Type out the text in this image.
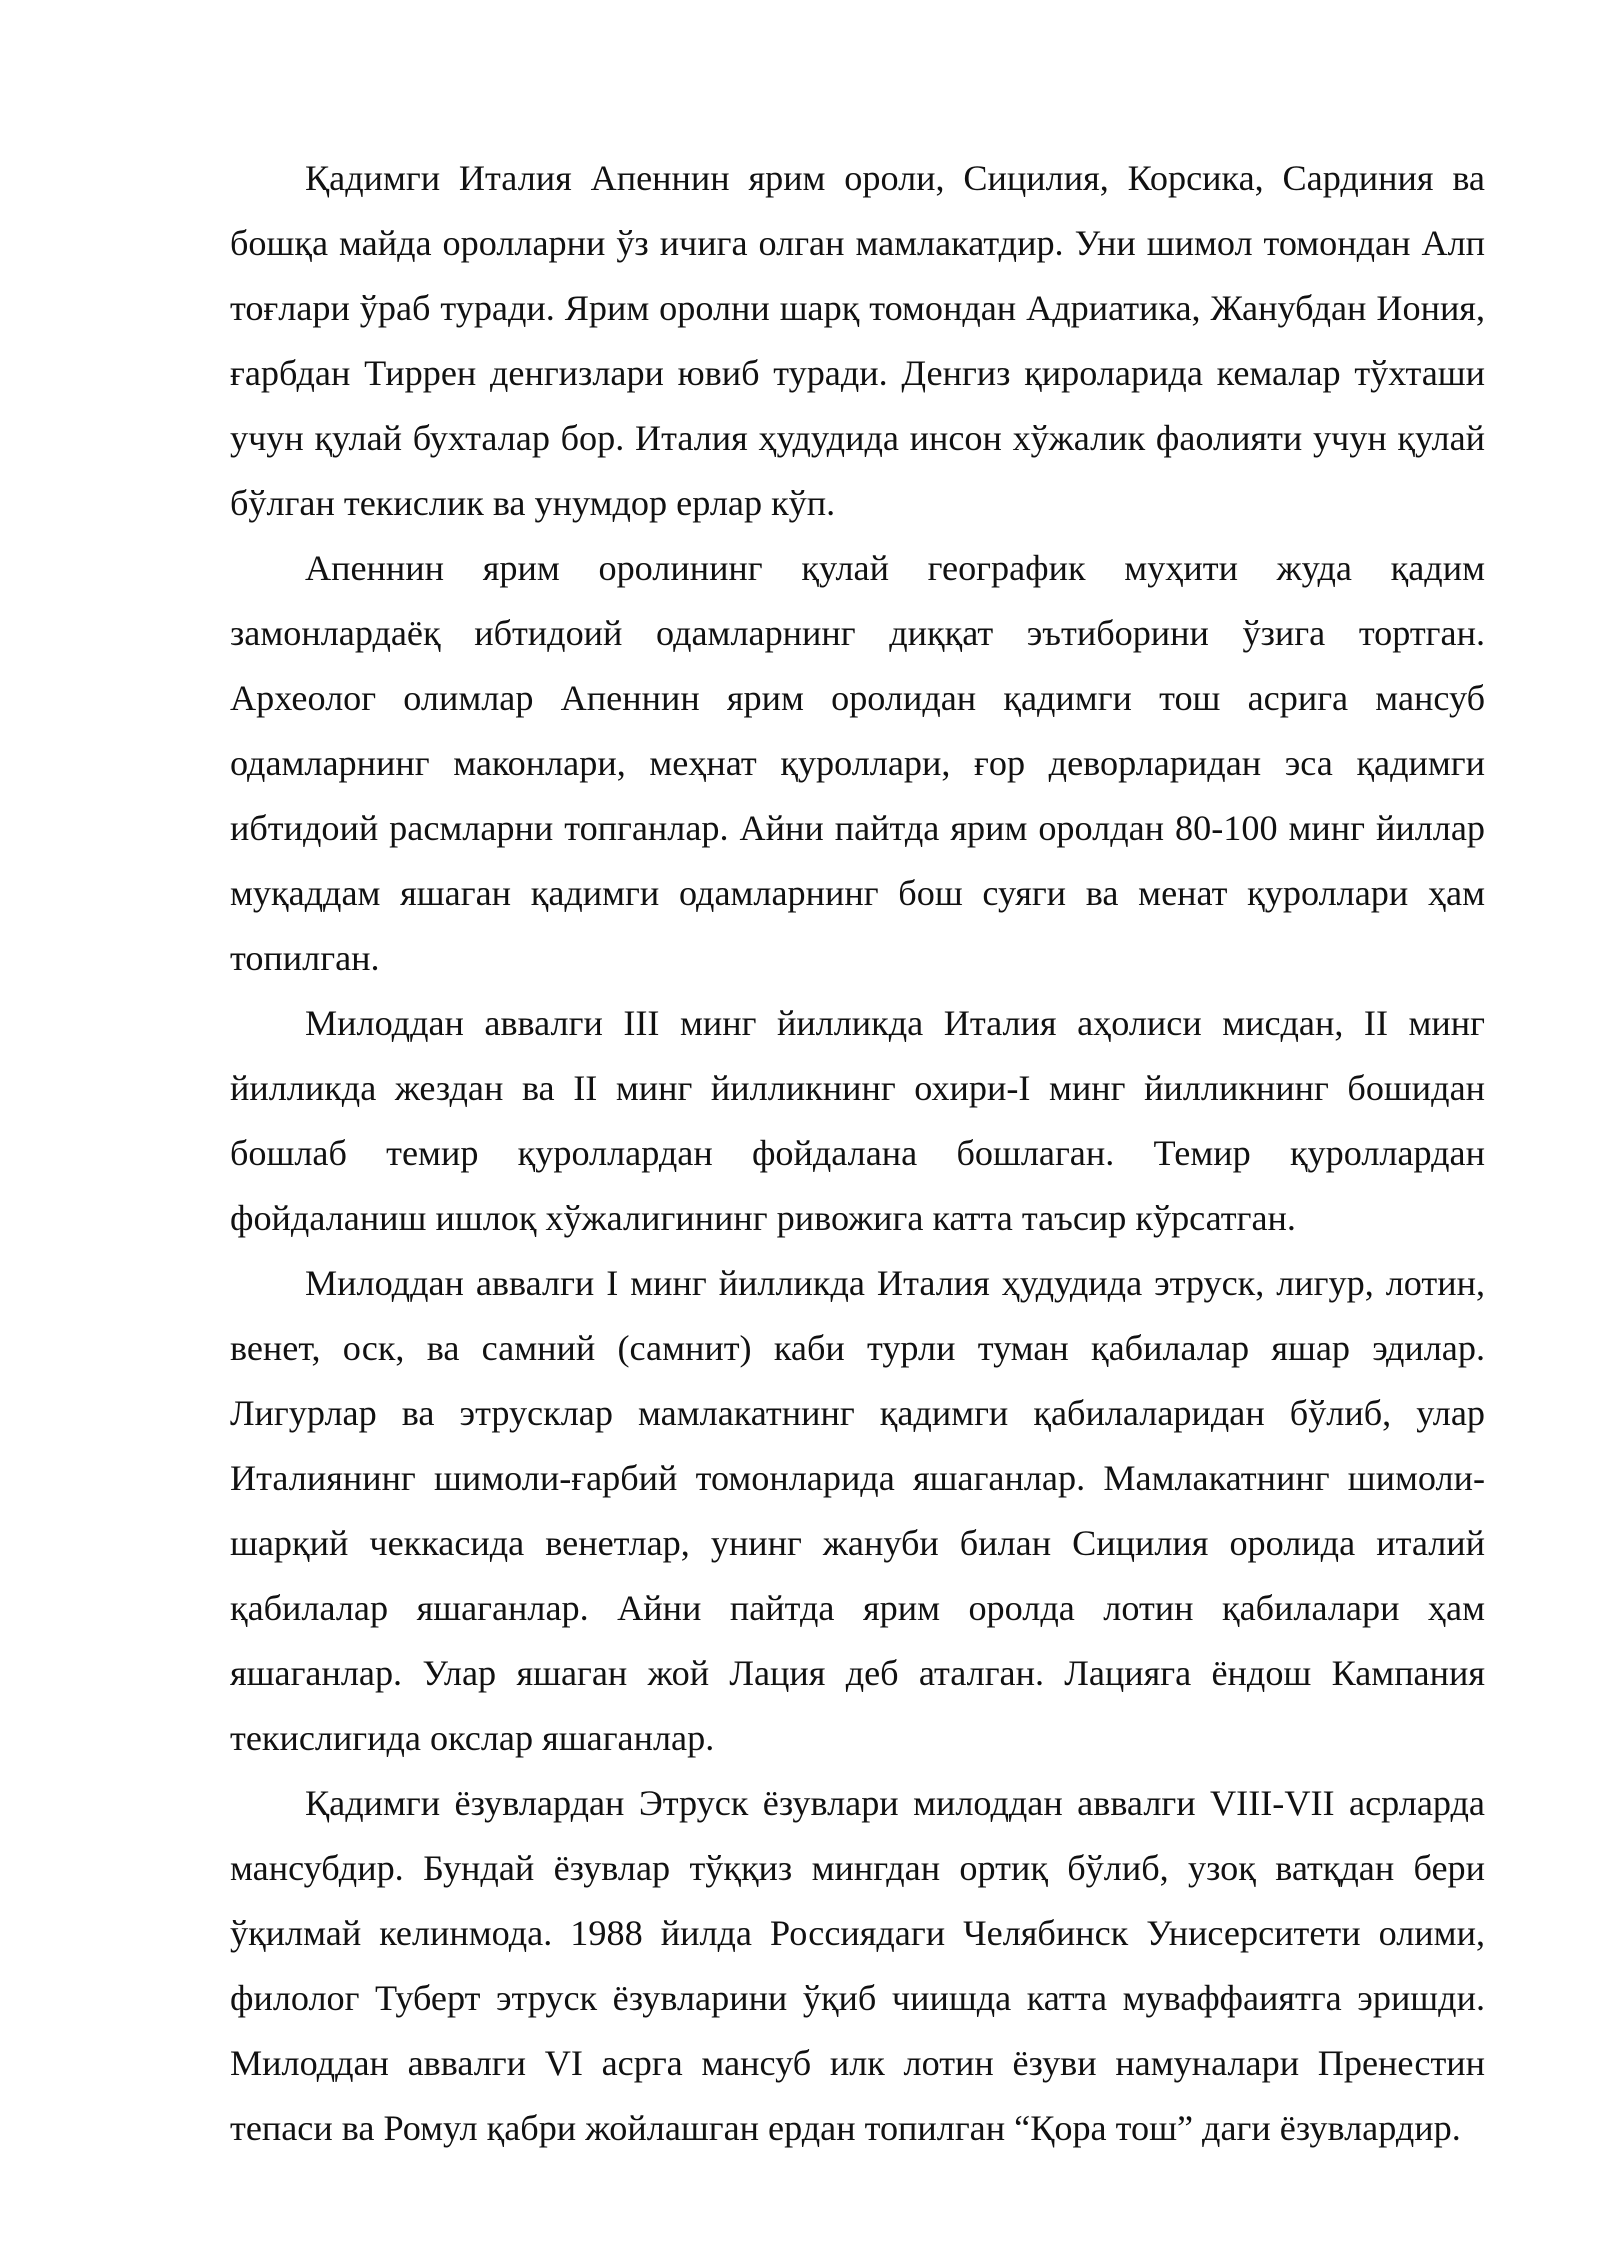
Қадимги Италия Апеннин ярим ороли, Сицилия, Корсика, Сардиния ва бошқа майда оролларни ўз ичига олган мамлакатдир. Уни шимол томондан Алп тоғлари ўраб туради. Ярим оролни шарқ томондан Адриатика, Жанубдан Иония, ғарбдан Тиррен денгизлари ювиб туради. Денгиз қироларида кемалар тўхташи учун қулай бухталар бор. Италия ҳудудида инсон хўжалик фаолияти учун қулай бўлган текислик ва унумдор ерлар кўп.

Апеннин ярим оролининг қулай географик муҳити жуда қадим замонлардаёқ ибтидоий одамларнинг диққат эътиборини ўзига тортган. Археолог олимлар Апеннин ярим оролидан қадимги тош асрига мансуб одамларнинг маконлари, меҳнат қуроллари, ғор деворларидан эса қадимги ибтидоий расмларни топганлар. Айни пайтда ярим оролдан 80-100 минг йиллар муқаддам яшаган қадимги одамларнинг бош суяги ва менат қуроллари ҳам топилган.

Милоддан аввалги III минг йилликда Италия аҳолиси мисдан, II минг йилликда жездан ва II минг йилликнинг охири-I минг йилликнинг бошидан бошлаб темир қуроллардан фойдалана бошлаган. Темир қуроллардан фойдаланиш ишлоқ хўжалигининг ривожига катта таъсир кўрсатган.

Милоддан аввалги I минг йилликда Италия ҳудудида этруск, лигур, лотин, венет, оск, ва самний (самнит) каби турли туман қабилалар яшар эдилар. Лигурлар ва этрусклар мамлакатнинг қадимги қабилаларидан бўлиб, улар Италиянинг шимоли-ғарбий томонларида яшаганлар. Мамлакатнинг шимоли-шарқий чеккасида венетлар, унинг жануби билан Сицилия оролида италий қабилалар яшаганлар. Айни пайтда ярим оролда лотин қабилалари ҳам яшаганлар. Улар яшаган жой Лация деб аталган. Лацияга ёндош Кампания текислигида окслар яшаганлар.

Қадимги ёзувлардан Этруск ёзувлари милоддан аввалги VIII-VII асрларда мансубдир. Бундай ёзувлар тўққиз мингдан ортиқ бўлиб, узоқ ватқдан бери ўқилмай келинмода. 1988 йилда Россиядаги Челябинск Унисерситети олими, филолог Туберт этруск ёзувларини ўқиб чиишда катта муваффаиятга эришди. Милоддан аввалги VI асрга мансуб илк лотин ёзуви намуналари Пренестин тепаси ва Ромул қабри жойлашган ердан топилган “Қора тош” даги ёзувлардир.
